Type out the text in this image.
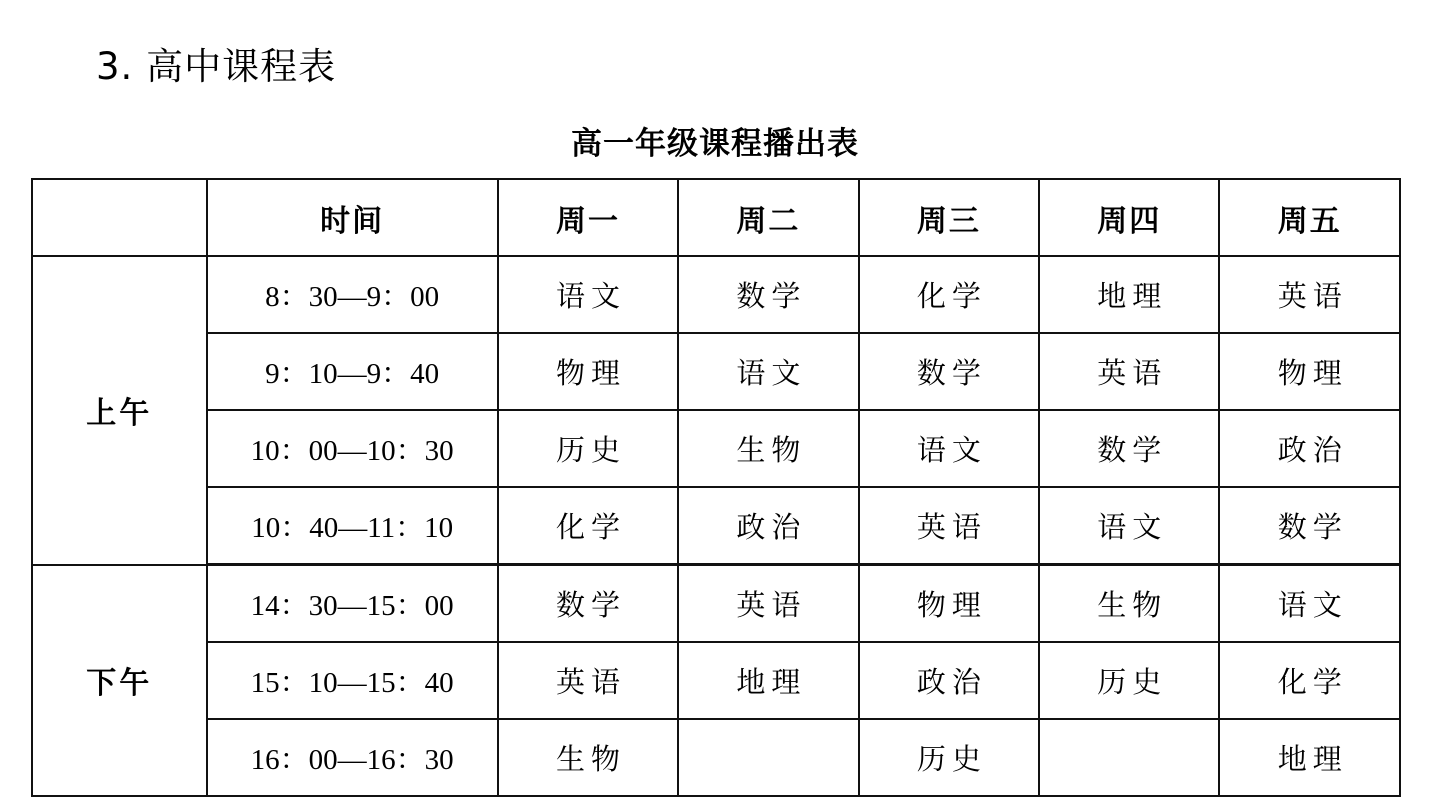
3. 高中课程表
高一年级课程播出表
	时间	周一	周二	周三	周四	周五
上午	8：30—9：00	语文	数学	化学	地理	英语
	9：10—9：40	物理	语文	数学	英语	物理
	10：00—10：30	历史	生物	语文	数学	政治
	10：40—11：10	化学	政治	英语	语文	数学
下午	14：30—15：00	数学	英语	物理	生物	语文
	15：10—15：40	英语	地理	政治	历史	化学
	16：00—16：30	生物		历史		地理
